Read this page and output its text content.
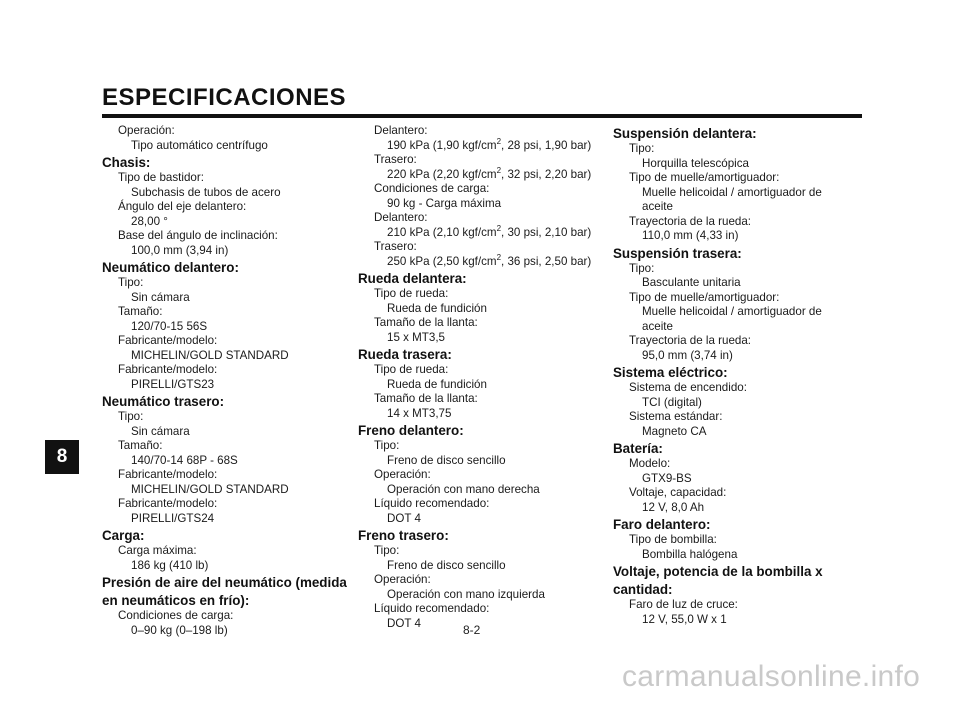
ESPECIFICACIONES
8
Operación:
Tipo automático centrífugo
Chasis:
Tipo de bastidor:
Subchasis de tubos de acero
Ángulo del eje delantero:
28,00 °
Base del ángulo de inclinación:
100,0 mm (3,94 in)
Neumático delantero:
Tipo:
Sin cámara
Tamaño:
120/70-15 56S
Fabricante/modelo:
MICHELIN/GOLD STANDARD
Fabricante/modelo:
PIRELLI/GTS23
Neumático trasero:
Tipo:
Sin cámara
Tamaño:
140/70-14 68P - 68S
Fabricante/modelo:
MICHELIN/GOLD STANDARD
Fabricante/modelo:
PIRELLI/GTS24
Carga:
Carga máxima:
186 kg (410 lb)
Presión de aire del neumático (medida
en neumáticos en frío):
Condiciones de carga:
0–90 kg (0–198 lb)
Delantero:
190 kPa (1,90 kgf/$cm^2$, 28 psi, 1,90 bar)
Trasero:
220 kPa (2,20 kgf/$cm^2$, 32 psi, 2,20 bar)
Condiciones de carga:
90 kg - Carga máxima
Delantero:
210 kPa (2,10 kgf/$cm^2$, 30 psi, 2,10 bar)
Trasero:
250 kPa (2,50 kgf/$cm^2$, 36 psi, 2,50 bar)
Rueda delantera:
Tipo de rueda:
Rueda de fundición
Tamaño de la llanta:
15 x MT3,5
Rueda trasera:
Tipo de rueda:
Rueda de fundición
Tamaño de la llanta:
14 x MT3,75
Freno delantero:
Tipo:
Freno de disco sencillo
Operación:
Operación con mano derecha
Líquido recomendado:
DOT 4
Freno trasero:
Tipo:
Freno de disco sencillo
Operación:
Operación con mano izquierda
Líquido recomendado:
DOT 4
Suspensión delantera:
Tipo:
Horquilla telescópica
Tipo de muelle/amortiguador:
Muelle helicoidal / amortiguador de aceite
Trayectoria de la rueda:
110,0 mm (4,33 in)
Suspensión trasera:
Tipo:
Basculante unitaria
Tipo de muelle/amortiguador:
Muelle helicoidal / amortiguador de aceite
Trayectoria de la rueda:
95,0 mm (3,74 in)
Sistema eléctrico:
Sistema de encendido:
TCI (digital)
Sistema estándar:
Magneto CA
Batería:
Modelo:
GTX9-BS
Voltaje, capacidad:
12 V, 8,0 Ah
Faro delantero:
Tipo de bombilla:
Bombilla halógena
Voltaje, potencia de la bombilla x
cantidad:
Faro de luz de cruce:
12 V, 55,0 W x 1
8-2
carmanualsonline.info
